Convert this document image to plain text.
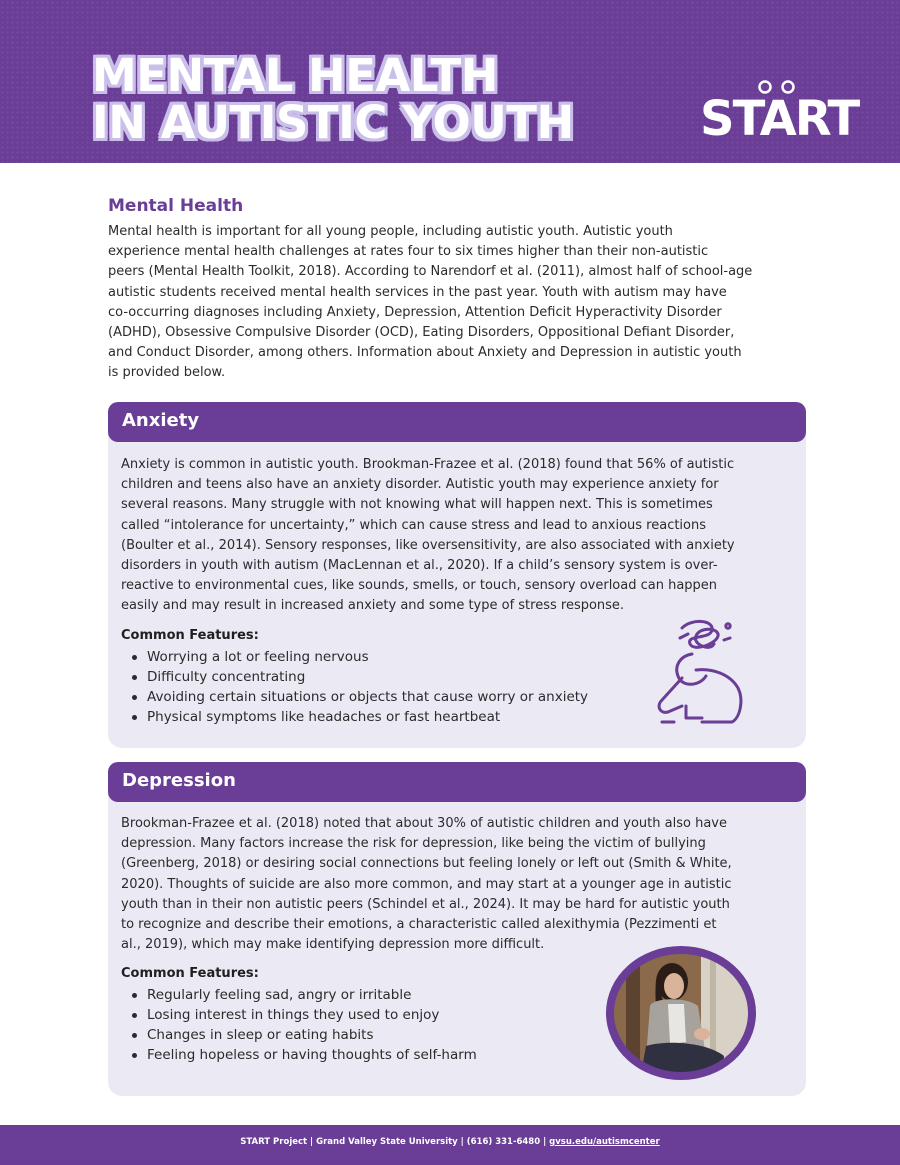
MENTAL HEALTH
IN AUTISTIC YOUTH	START
Mental Health
Mental health is important for all young people, including autistic youth. Autistic youth
experience mental health challenges at rates four to six times higher than their non-autistic
peers (Mental Health Toolkit, 2018). According to Narendorf et al. (2011), almost half of school-age
autistic students received mental health services in the past year. Youth with autism may have
co-occurring diagnoses including Anxiety, Depression, Attention Deficit Hyperactivity Disorder
(ADHD), Obsessive Compulsive Disorder (OCD), Eating Disorders, Oppositional Defiant Disorder,
and Conduct Disorder, among others. Information about Anxiety and Depression in autistic youth
is provided below.
Anxiety
Anxiety is common in autistic youth. Brookman-Frazee et al. (2018) found that 56% of autistic
children and teens also have an anxiety disorder. Autistic youth may experience anxiety for
several reasons. Many struggle with not knowing what will happen next. This is sometimes
called “intolerance for uncertainty,” which can cause stress and lead to anxious reactions
(Boulter et al., 2014). Sensory responses, like oversensitivity, are also associated with anxiety
disorders in youth with autism (MacLennan et al., 2020). If a child’s sensory system is over-
reactive to environmental cues, like sounds, smells, or touch, sensory overload can happen
easily and may result in increased anxiety and some type of stress response.
Common Features:
Worrying a lot or feeling nervous
Difficulty concentrating
Avoiding certain situations or objects that cause worry or anxiety
Physical symptoms like headaches or fast heartbeat
Depression
Brookman-Frazee et al. (2018) noted that about 30% of autistic children and youth also have
depression. Many factors increase the risk for depression, like being the victim of bullying
(Greenberg, 2018) or desiring social connections but feeling lonely or left out (Smith & White,
2020). Thoughts of suicide are also more common, and may start at a younger age in autistic
youth than in their non autistic peers (Schindel et al., 2024). It may be hard for autistic youth
to recognize and describe their emotions, a characteristic called alexithymia (Pezzimenti et
al., 2019), which may make identifying depression more difficult.
Common Features:
Regularly feeling sad, angry or irritable
Losing interest in things they used to enjoy
Changes in sleep or eating habits
Feeling hopeless or having thoughts of self-harm
START Project | Grand Valley State University | (616) 331-6480 | gvsu.edu/autismcenter
